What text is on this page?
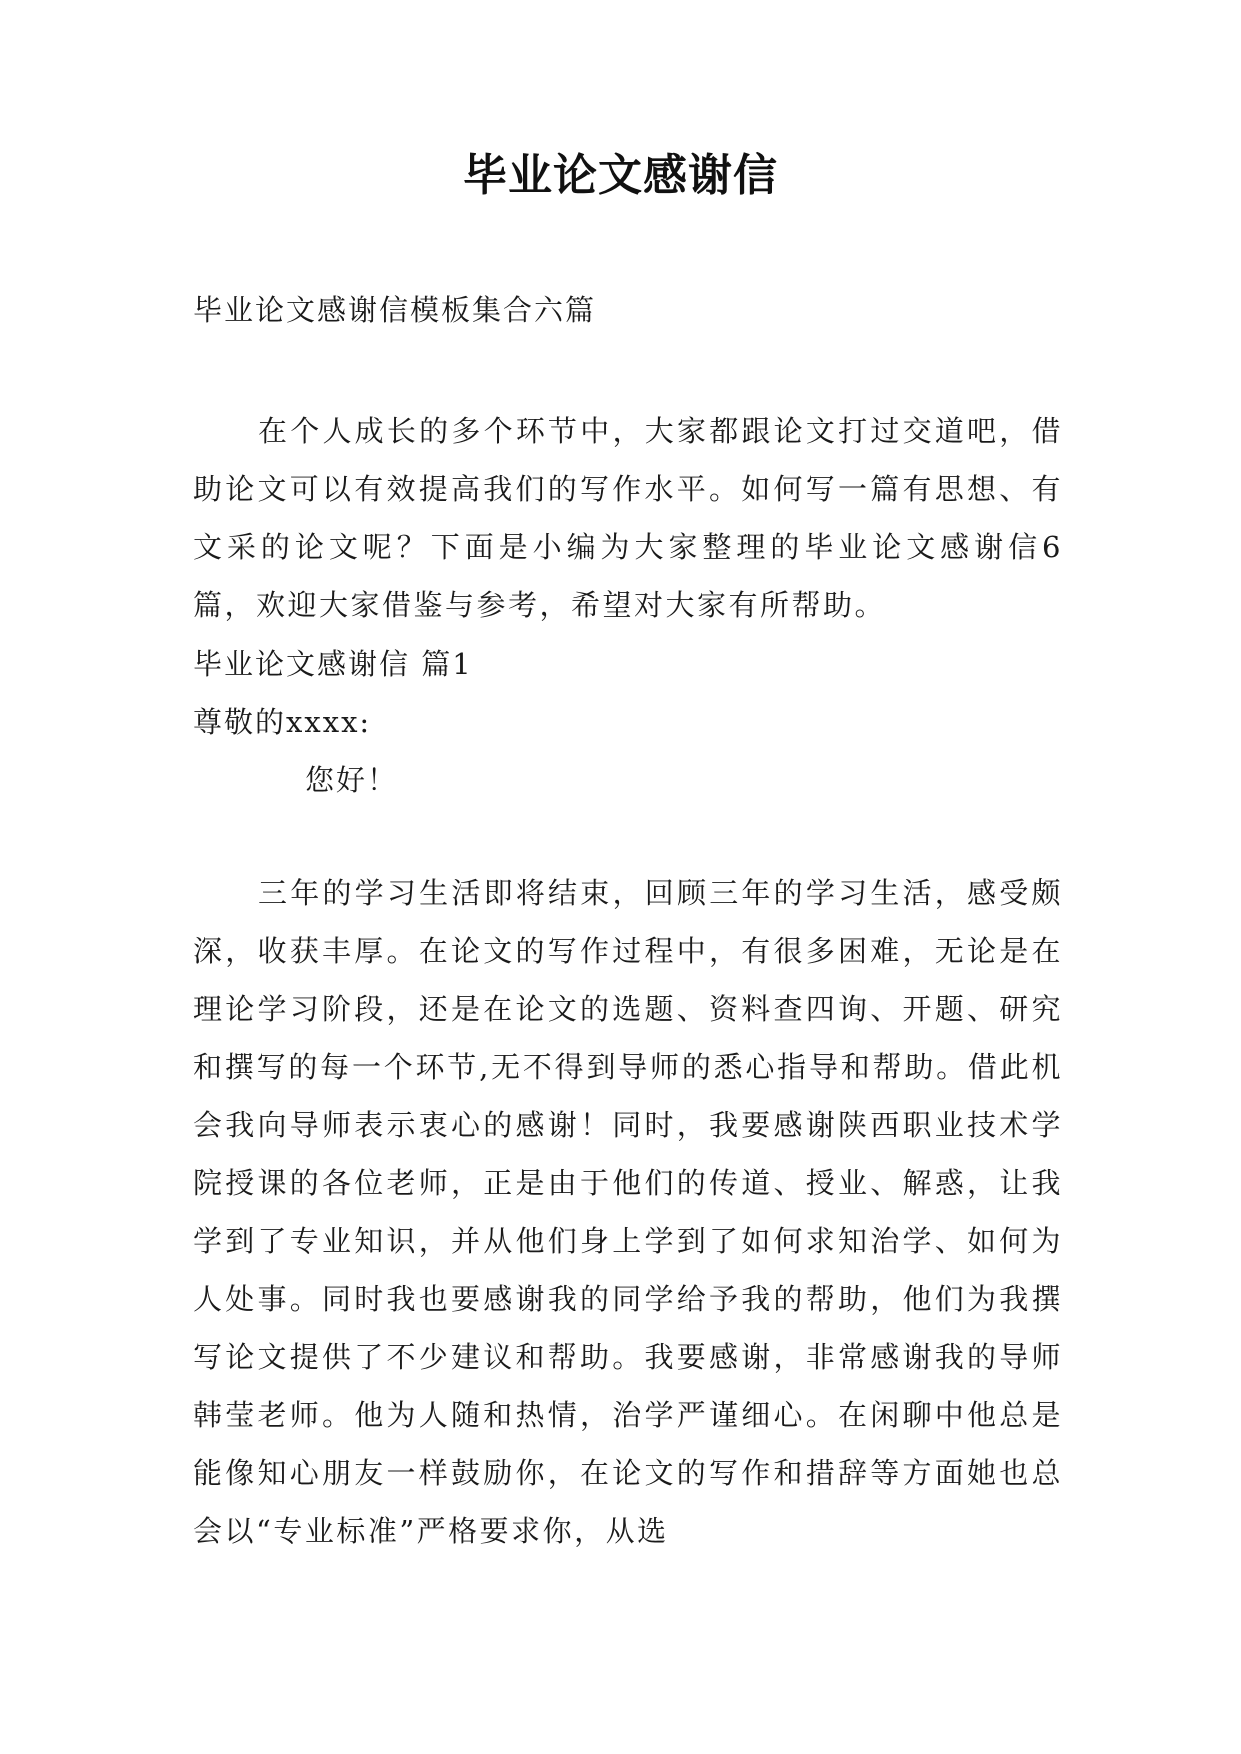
毕业论文感谢信
毕业论文感谢信模板集合六篇
在个人成长的多个环节中，大家都跟论文打过交道吧，借助论文可以有效提高我们的写作水平。如何写一篇有思想、有文采的论文呢？下面是小编为大家整理的毕业论文感谢信6篇，欢迎大家借鉴与参考，希望对大家有所帮助。
毕业论文感谢信 篇1
尊敬的xxxx:
您好！
三年的学习生活即将结束，回顾三年的学习生活，感受颇深，收获丰厚。在论文的写作过程中，有很多困难，无论是在理论学习阶段，还是在论文的选题、资料查四询、开题、研究和撰写的每一个环节,无不得到导师的悉心指导和帮助。借此机会我向导师表示衷心的感谢！同时，我要感谢陕西职业技术学院授课的各位老师，正是由于他们的传道、授业、解惑，让我学到了专业知识，并从他们身上学到了如何求知治学、如何为人处事。同时我也要感谢我的同学给予我的帮助，他们为我撰写论文提供了不少建议和帮助。我要感谢，非常感谢我的导师韩莹老师。他为人随和热情，治学严谨细心。在闲聊中他总是能像知心朋友一样鼓励你，在论文的写作和措辞等方面她也总会以“专业标准”严格要求你，从选
